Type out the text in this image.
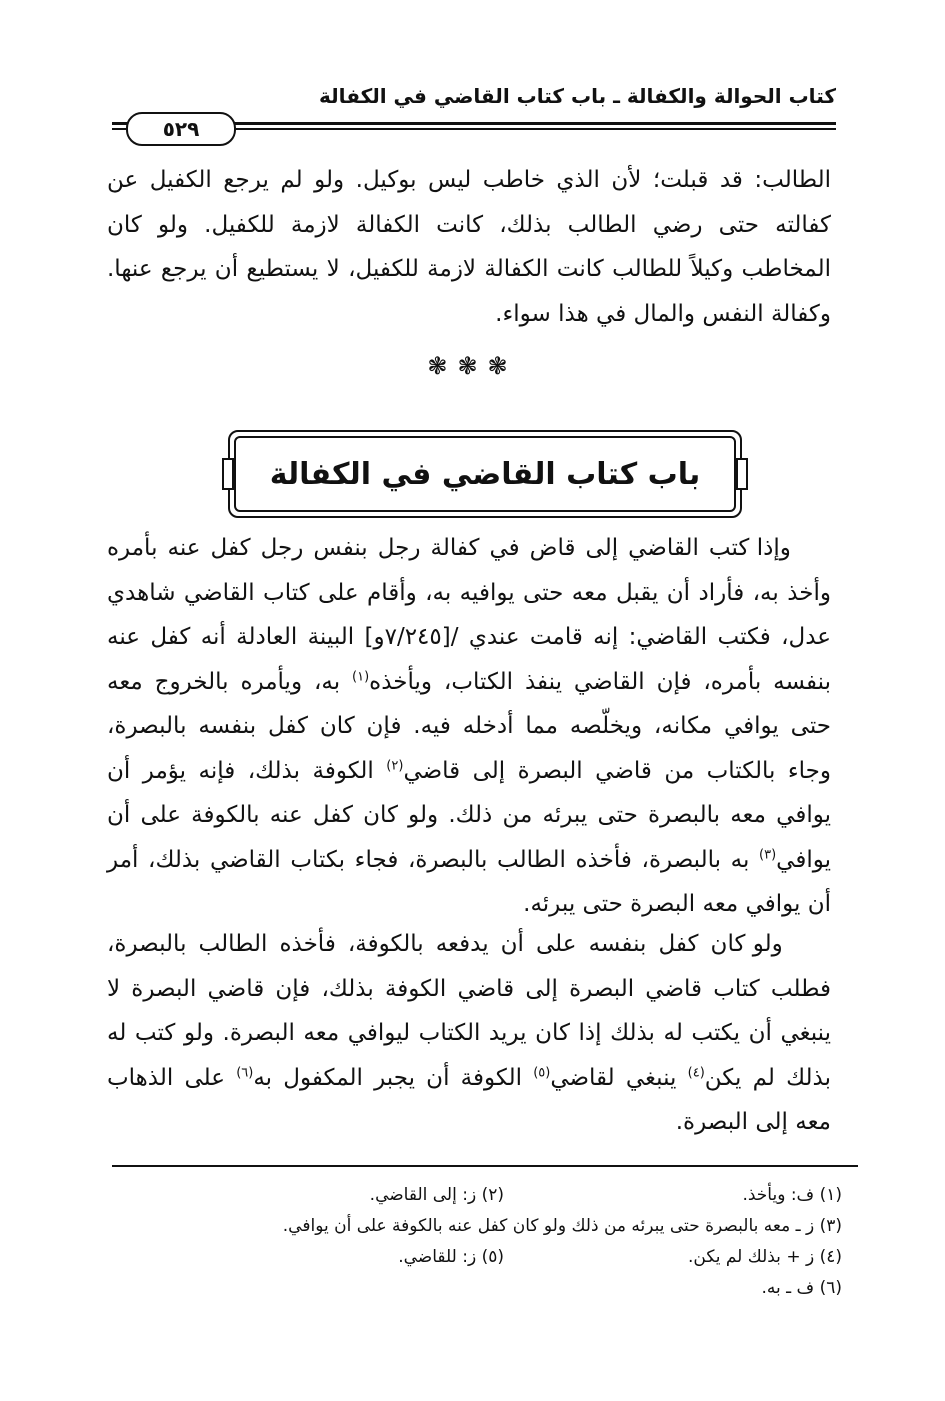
كتاب الحوالة والكفالة ـ باب كتاب القاضي في الكفالة
٥٢٩

الطالب: قد قبلت؛ لأن الذي خاطب ليس بوكيل. ولو لم يرجع الكفيل عن كفالته حتى رضي الطالب بذلك، كانت الكفالة لازمة للكفيل. ولو كان المخاطب وكيلاً للطالب كانت الكفالة لازمة للكفيل، لا يستطيع أن يرجع عنها. وكفالة النفس والمال في هذا سواء.

❃❃❃
باب كتاب القاضي في الكفالة

وإذا كتب القاضي إلى قاض في كفالة رجل بنفس رجل كفل عنه بأمره وأخذ به، فأراد أن يقبل معه حتى يوافيه به، وأقام على كتاب القاضي شاهدي عدل، فكتب القاضي: إنه قامت عندي /[٧/٢٤٥و] البينة العادلة أنه كفل عنه بنفسه بأمره، فإن القاضي ينفذ الكتاب، ويأخذه$^{(١)}$ به، ويأمره بالخروج معه حتى يوافي مكانه، ويخلّصه مما أدخله فيه. فإن كان كفل بنفسه بالبصرة، وجاء بالكتاب من قاضي البصرة إلى قاضي$^{(٢)}$ الكوفة بذلك، فإنه يؤمر أن يوافي معه بالبصرة حتى يبرئه من ذلك. ولو كان كفل عنه بالكوفة على أن يوافي$^{(٣)}$ به بالبصرة، فأخذه الطالب بالبصرة، فجاء بكتاب القاضي بذلك، أمر أن يوافي معه البصرة حتى يبرئه.

ولو كان كفل بنفسه على أن يدفعه بالكوفة، فأخذه الطالب بالبصرة، فطلب كتاب قاضي البصرة إلى قاضي الكوفة بذلك، فإن قاضي البصرة لا ينبغي أن يكتب له بذلك إذا كان يريد الكتاب ليوافي معه البصرة. ولو كتب له بذلك لم يكن$^{(٤)}$ ينبغي لقاضي$^{(٥)}$ الكوفة أن يجبر المكفول به$^{(٦)}$ على الذهاب معه إلى البصرة.

(١) ف: ويأخذ.
(٢) ز: إلى القاضي.
(٣) ز ـ معه بالبصرة حتى يبرئه من ذلك ولو كان كفل عنه بالكوفة على أن يوافي.
(٤) ز + بذلك لم يكن.
(٥) ز: للقاضي.
(٦) ف ـ به.
